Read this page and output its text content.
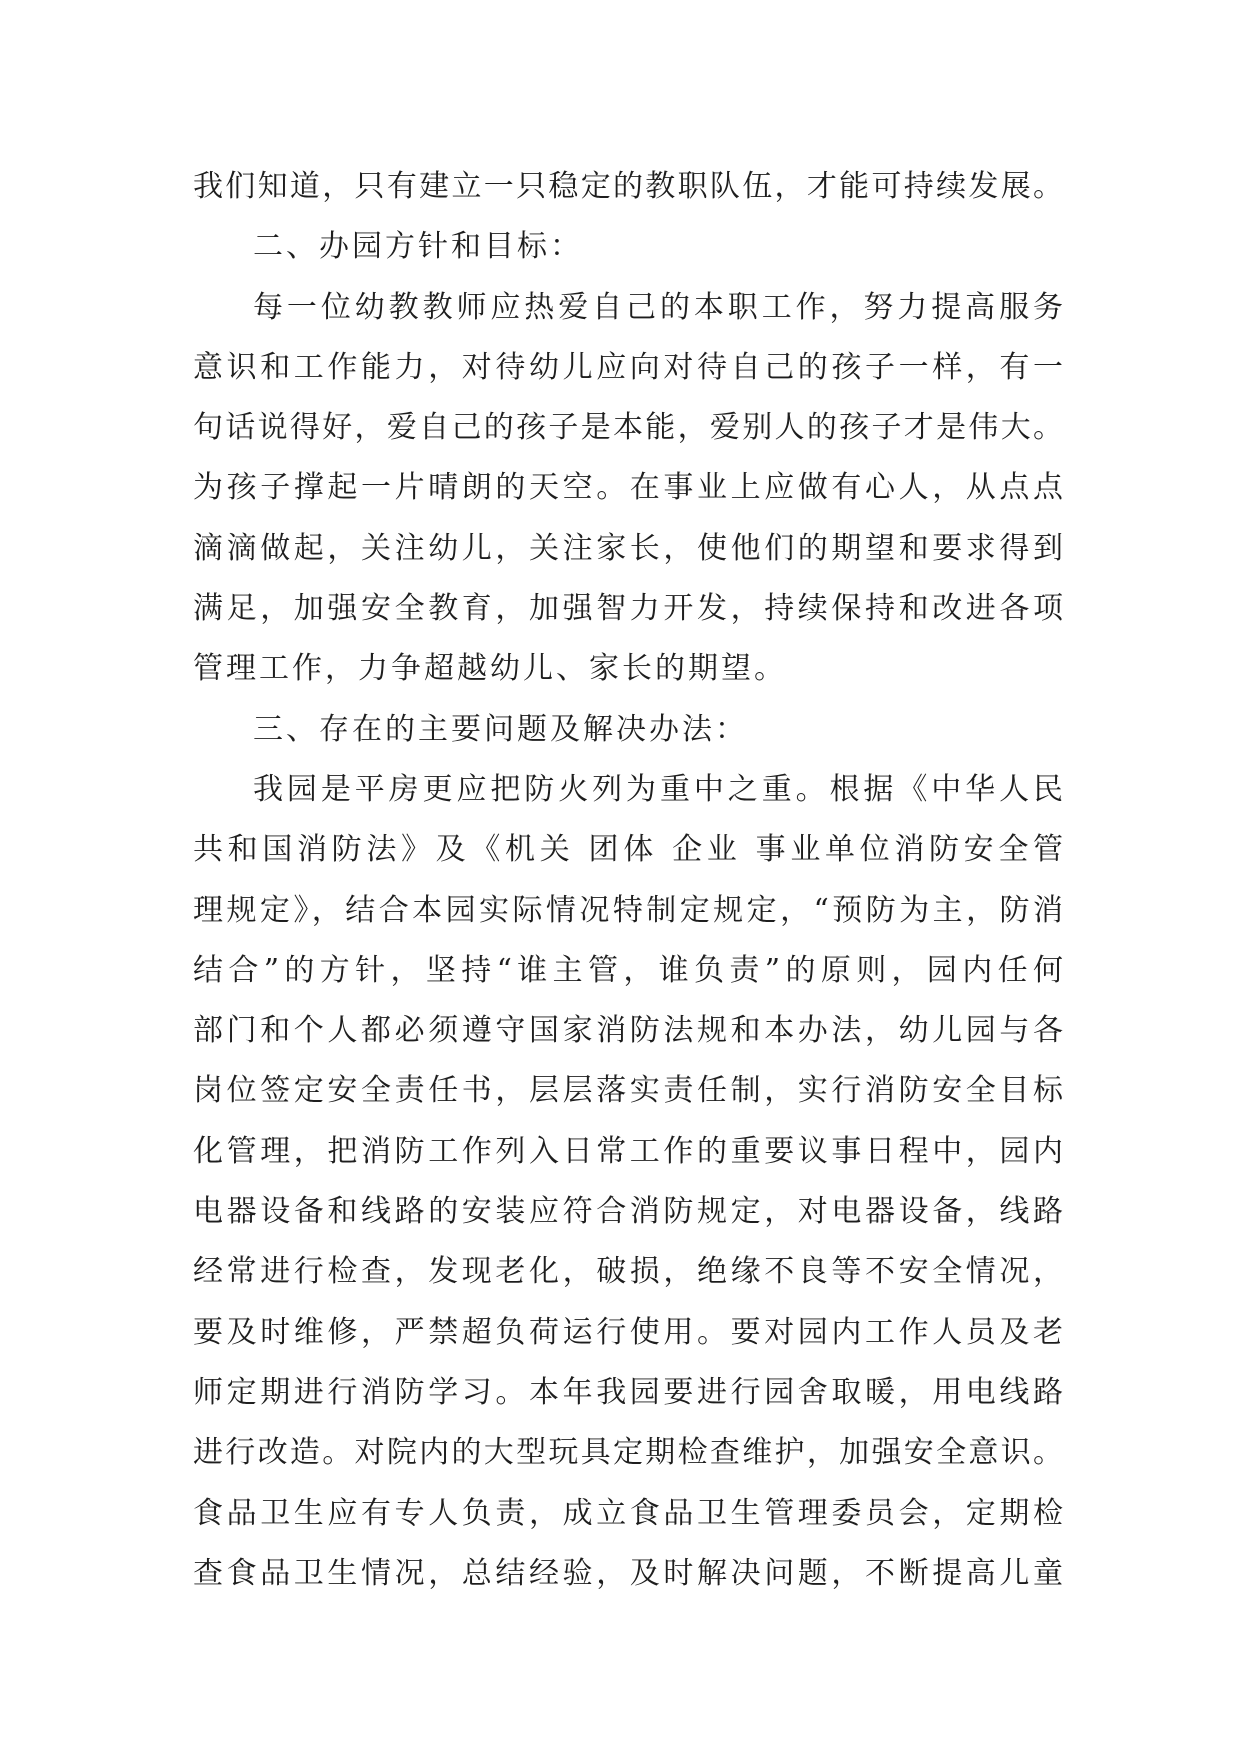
我们知道，只有建立一只稳定的教职队伍，才能可持续发展。
二、办园方针和目标：
每一位幼教教师应热爱自己的本职工作，努力提高服务
意识和工作能力，对待幼儿应向对待自己的孩子一样，有一
句话说得好，爱自己的孩子是本能，爱别人的孩子才是伟大。
为孩子撑起一片晴朗的天空。在事业上应做有心人，从点点
滴滴做起，关注幼儿，关注家长，使他们的期望和要求得到
满足，加强安全教育，加强智力开发，持续保持和改进各项
管理工作，力争超越幼儿、家长的期望。
三、存在的主要问题及解决办法：
我园是平房更应把防火列为重中之重。根据《中华人民
共和国消防法》及《机关 团体 企业 事业单位消防安全管
理规定》，结合本园实际情况特制定规定，“预防为主，防消
结合”的方针，坚持“谁主管，谁负责”的原则，园内任何
部门和个人都必须遵守国家消防法规和本办法，幼儿园与各
岗位签定安全责任书，层层落实责任制，实行消防安全目标
化管理，把消防工作列入日常工作的重要议事日程中，园内
电器设备和线路的安装应符合消防规定，对电器设备，线路
经常进行检查，发现老化，破损，绝缘不良等不安全情况，
要及时维修，严禁超负荷运行使用。要对园内工作人员及老
师定期进行消防学习。本年我园要进行园舍取暖，用电线路
进行改造。对院内的大型玩具定期检查维护，加强安全意识。
食品卫生应有专人负责，成立食品卫生管理委员会，定期检
查食品卫生情况，总结经验，及时解决问题，不断提高儿童
